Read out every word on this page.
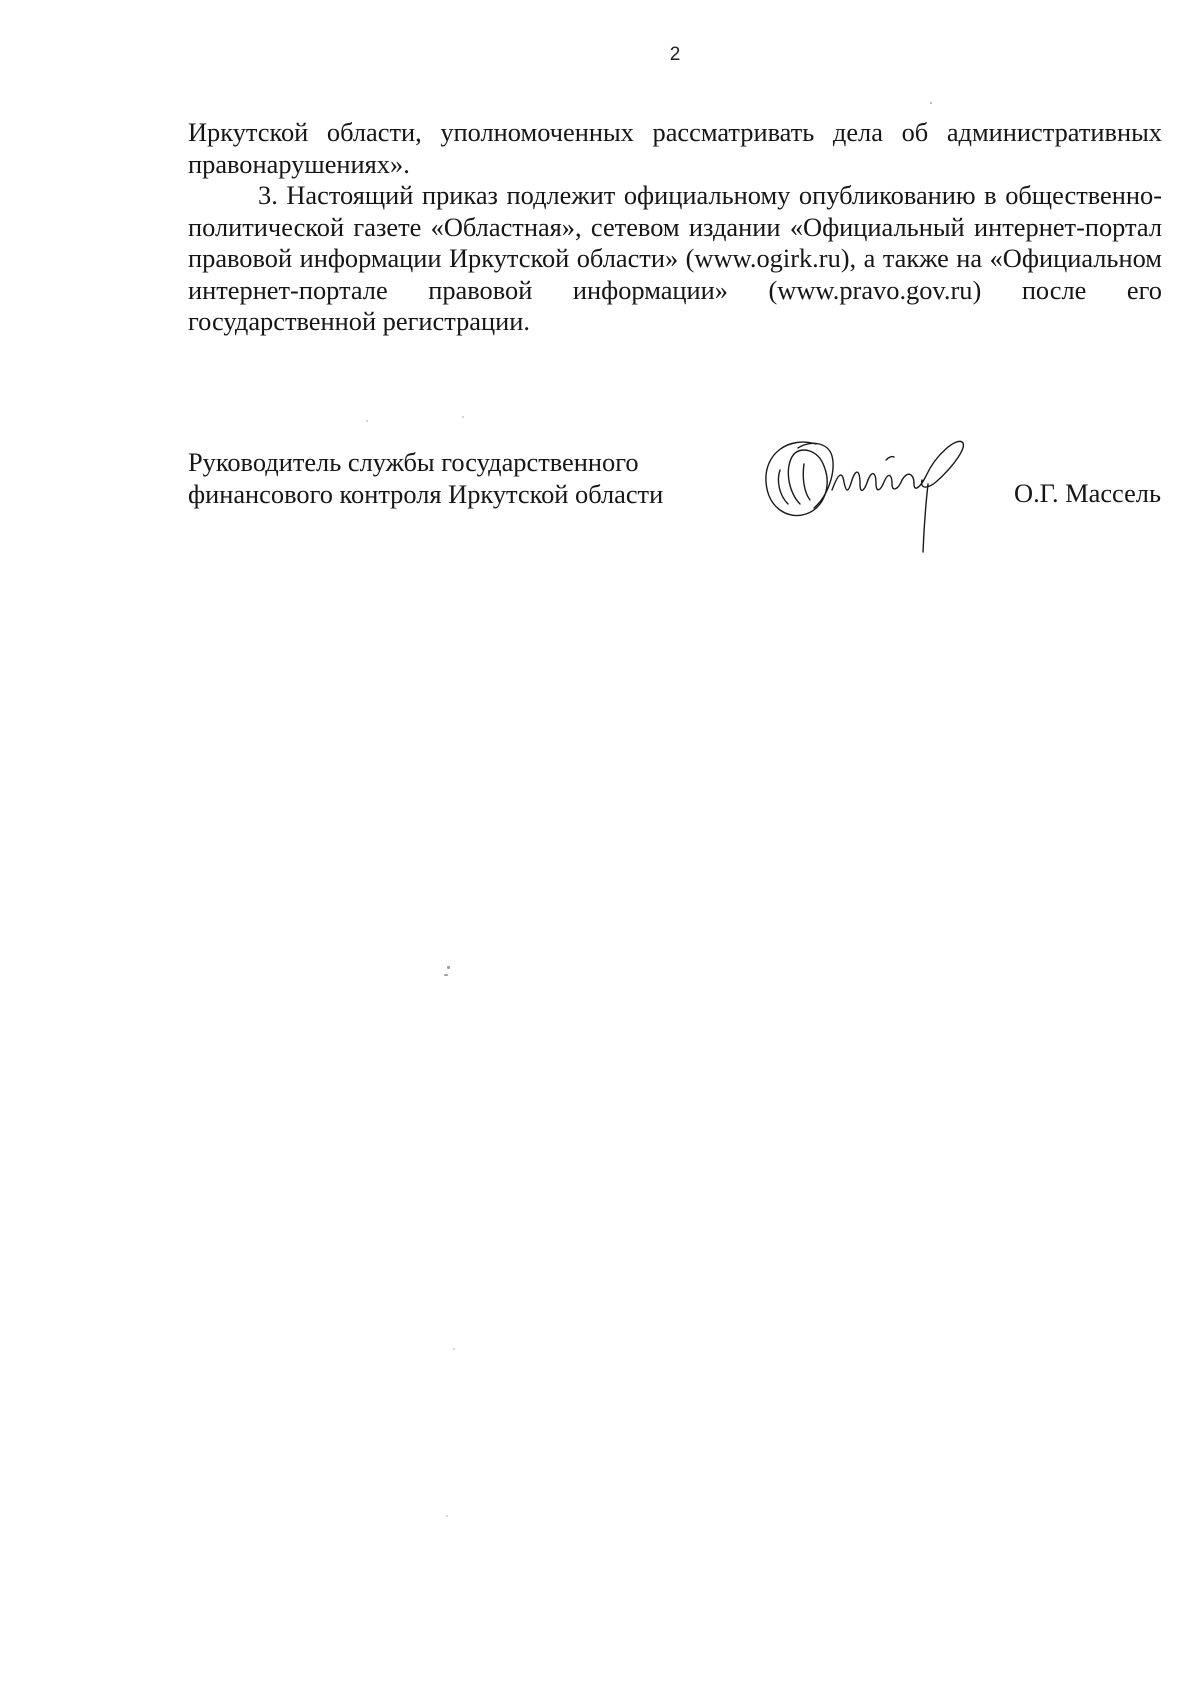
2

Иркутской области, уполномоченных рассматривать дела об административных правонарушениях».

3. Настоящий приказ подлежит официальному опубликованию в общественно-политической газете «Областная», сетевом издании «Официальный интернет-портал правовой информации Иркутской области» (www.ogirk.ru), а также на «Официальном интернет-портале правовой информации» (www.pravo.gov.ru) после его государственной регистрации.

Руководитель службы государственного
финансового контроля Иркутской области	О.Г. Массель
